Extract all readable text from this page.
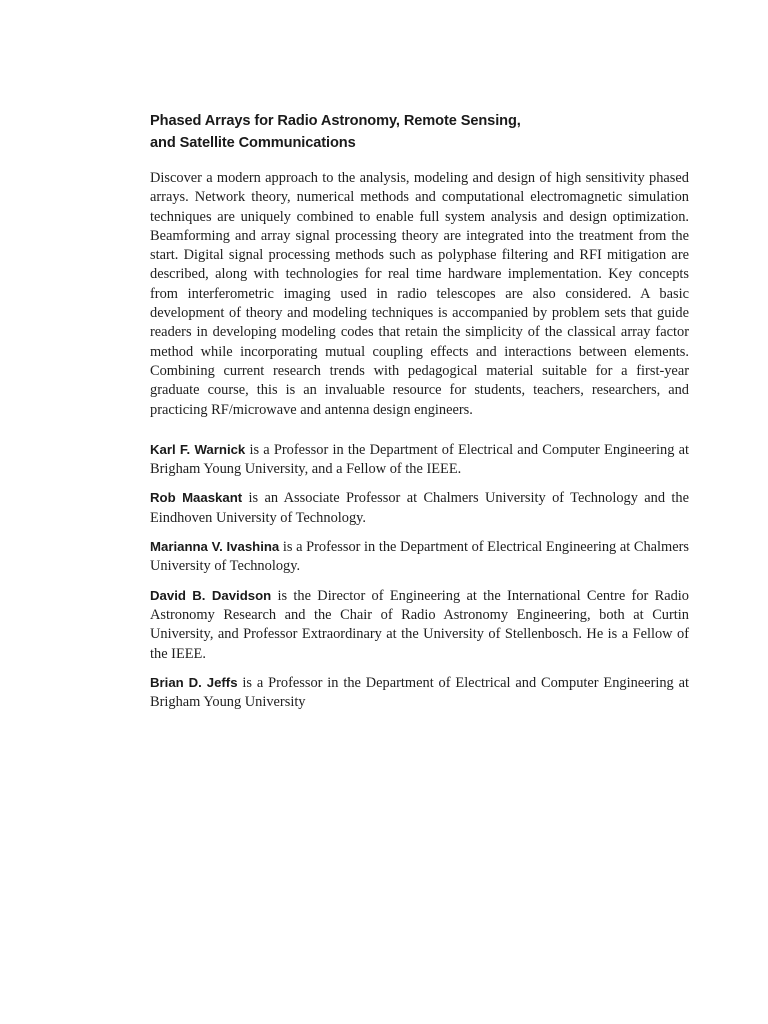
Phased Arrays for Radio Astronomy, Remote Sensing,
and Satellite Communications

Discover a modern approach to the analysis, modeling and design of high sensitivity phased arrays. Network theory, numerical methods and computational electromagnetic simulation techniques are uniquely combined to enable full system analysis and design optimization. Beamforming and array signal processing theory are integrated into the treatment from the start. Digital signal processing methods such as polyphase filtering and RFI mitigation are described, along with technologies for real time hardware implementation. Key concepts from interferometric imaging used in radio telescopes are also considered. A basic development of theory and modeling techniques is accompanied by problem sets that guide readers in developing modeling codes that retain the simplicity of the classical array factor method while incorporating mutual coupling effects and interactions between elements. Combining current research trends with pedagogical material suitable for a first-year graduate course, this is an invaluable resource for students, teachers, researchers, and practicing RF/microwave and antenna design engineers.

Karl F. Warnick is a Professor in the Department of Electrical and Computer Engineering at Brigham Young University, and a Fellow of the IEEE.

Rob Maaskant is an Associate Professor at Chalmers University of Technology and the Eindhoven University of Technology.

Marianna V. Ivashina is a Professor in the Department of Electrical Engineering at Chalmers University of Technology.

David B. Davidson is the Director of Engineering at the International Centre for Radio Astronomy Research and the Chair of Radio Astronomy Engineering, both at Curtin University, and Professor Extraordinary at the University of Stellenbosch. He is a Fellow of the IEEE.

Brian D. Jeffs is a Professor in the Department of Electrical and Computer Engineering at Brigham Young University
